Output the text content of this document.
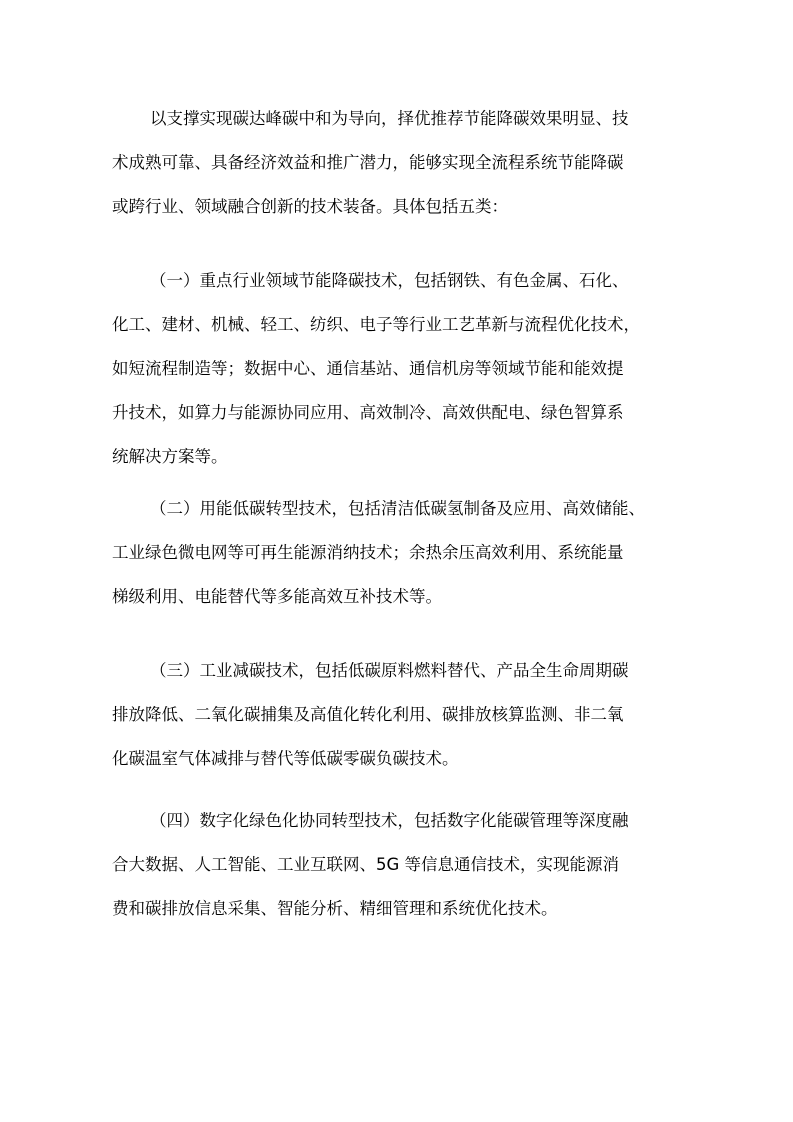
以支撑实现碳达峰碳中和为导向，择优推荐节能降碳效果明显、技
术成熟可靠、具备经济效益和推广潜力，能够实现全流程系统节能降碳
或跨行业、领域融合创新的技术装备。具体包括五类：
（一）重点行业领域节能降碳技术，包括钢铁、有色金属、石化、
化工、建材、机械、轻工、纺织、电子等行业工艺革新与流程优化技术，
如短流程制造等；数据中心、通信基站、通信机房等领域节能和能效提
升技术，如算力与能源协同应用、高效制冷、高效供配电、绿色智算系
统解决方案等。
（二）用能低碳转型技术，包括清洁低碳氢制备及应用、高效储能、
工业绿色微电网等可再生能源消纳技术；余热余压高效利用、系统能量
梯级利用、电能替代等多能高效互补技术等。
（三）工业减碳技术，包括低碳原料燃料替代、产品全生命周期碳
排放降低、二氧化碳捕集及高值化转化利用、碳排放核算监测、非二氧
化碳温室气体减排与替代等低碳零碳负碳技术。
（四）数字化绿色化协同转型技术，包括数字化能碳管理等深度融
合大数据、人工智能、工业互联网、5G 等信息通信技术，实现能源消
费和碳排放信息采集、智能分析、精细管理和系统优化技术。
